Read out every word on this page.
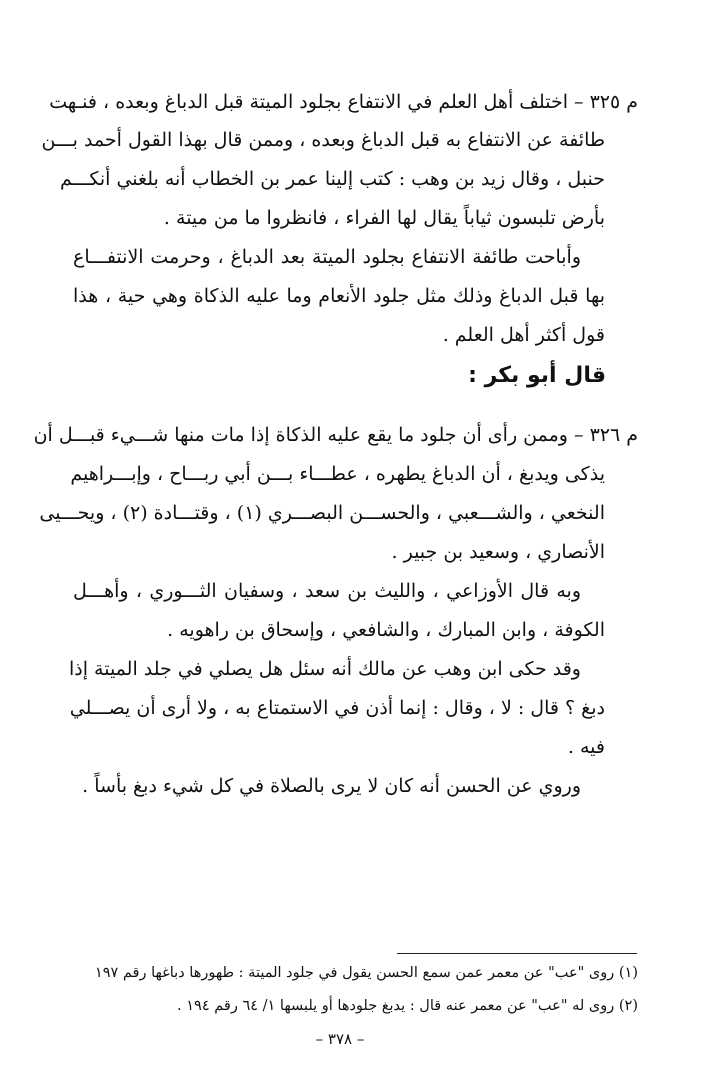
م ٣٢٥ – اختلف أهل العلم في الانتفاع بجلود الميتة قبل الدباغ وبعده ، فنـهت
طائفة عن الانتفاع به قبل الدباغ وبعده ، وممن قال بهذا القول أحمد بـــن
حنبل ، وقال زيد بن وهب : كتب إلينا عمر بن الخطاب أنه بلغني أنكـــم
بأرض تلبسون ثياباً يقال لها الفراء ، فانظروا ما من ميتة .
وأباحت طائفة الانتفاع بجلود الميتة بعد الدباغ ، وحرمت الانتفـــاع
بها قبل الدباغ وذلك مثل جلود الأنعام وما عليه الذكاة وهي حية ، هذا
قول أكثر أهل العلم .
قال أبو بكر :
م ٣٢٦ – وممن رأى أن جلود ما يقع عليه الذكاة إذا مات منها شـــيء قبـــل أن
يذكى ويدبغ ، أن الدباغ يطهره ، عطـــاء بـــن أبي ربـــاح ، وإبـــراهيم
النخعي ، والشـــعبي ، والحســـن البصـــري (١) ، وقتـــادة (٢) ، ويحـــيى
الأنصاري ، وسعيد بن جبير .
وبه قال الأوزاعي ، والليث بن سعد ، وسفيان الثـــوري ، وأهـــل
الكوفة ، وابن المبارك ، والشافعي ، وإسحاق بن راهويه .
وقد حكى ابن وهب عن مالك أنه سئل هل يصلي في جلد الميتة إذا
دبغ ؟ قال : لا ، وقال : إنما أذن في الاستمتاع به ، ولا أرى أن يصـــلي
فيه .
وروي عن الحسن أنه كان لا يرى بالصلاة في كل شيء دبغ بأساً .
(١) روى "عب" عن معمر عمن سمع الحسن يقول في جلود الميتة : طهورها دباغها رقم ١٩٧
(٢) روى له "عب" عن معمر عنه قال : يدبغ جلودها أو يلبسها ١/ ٦٤ رقم ١٩٤ .
– ٣٧٨ –
